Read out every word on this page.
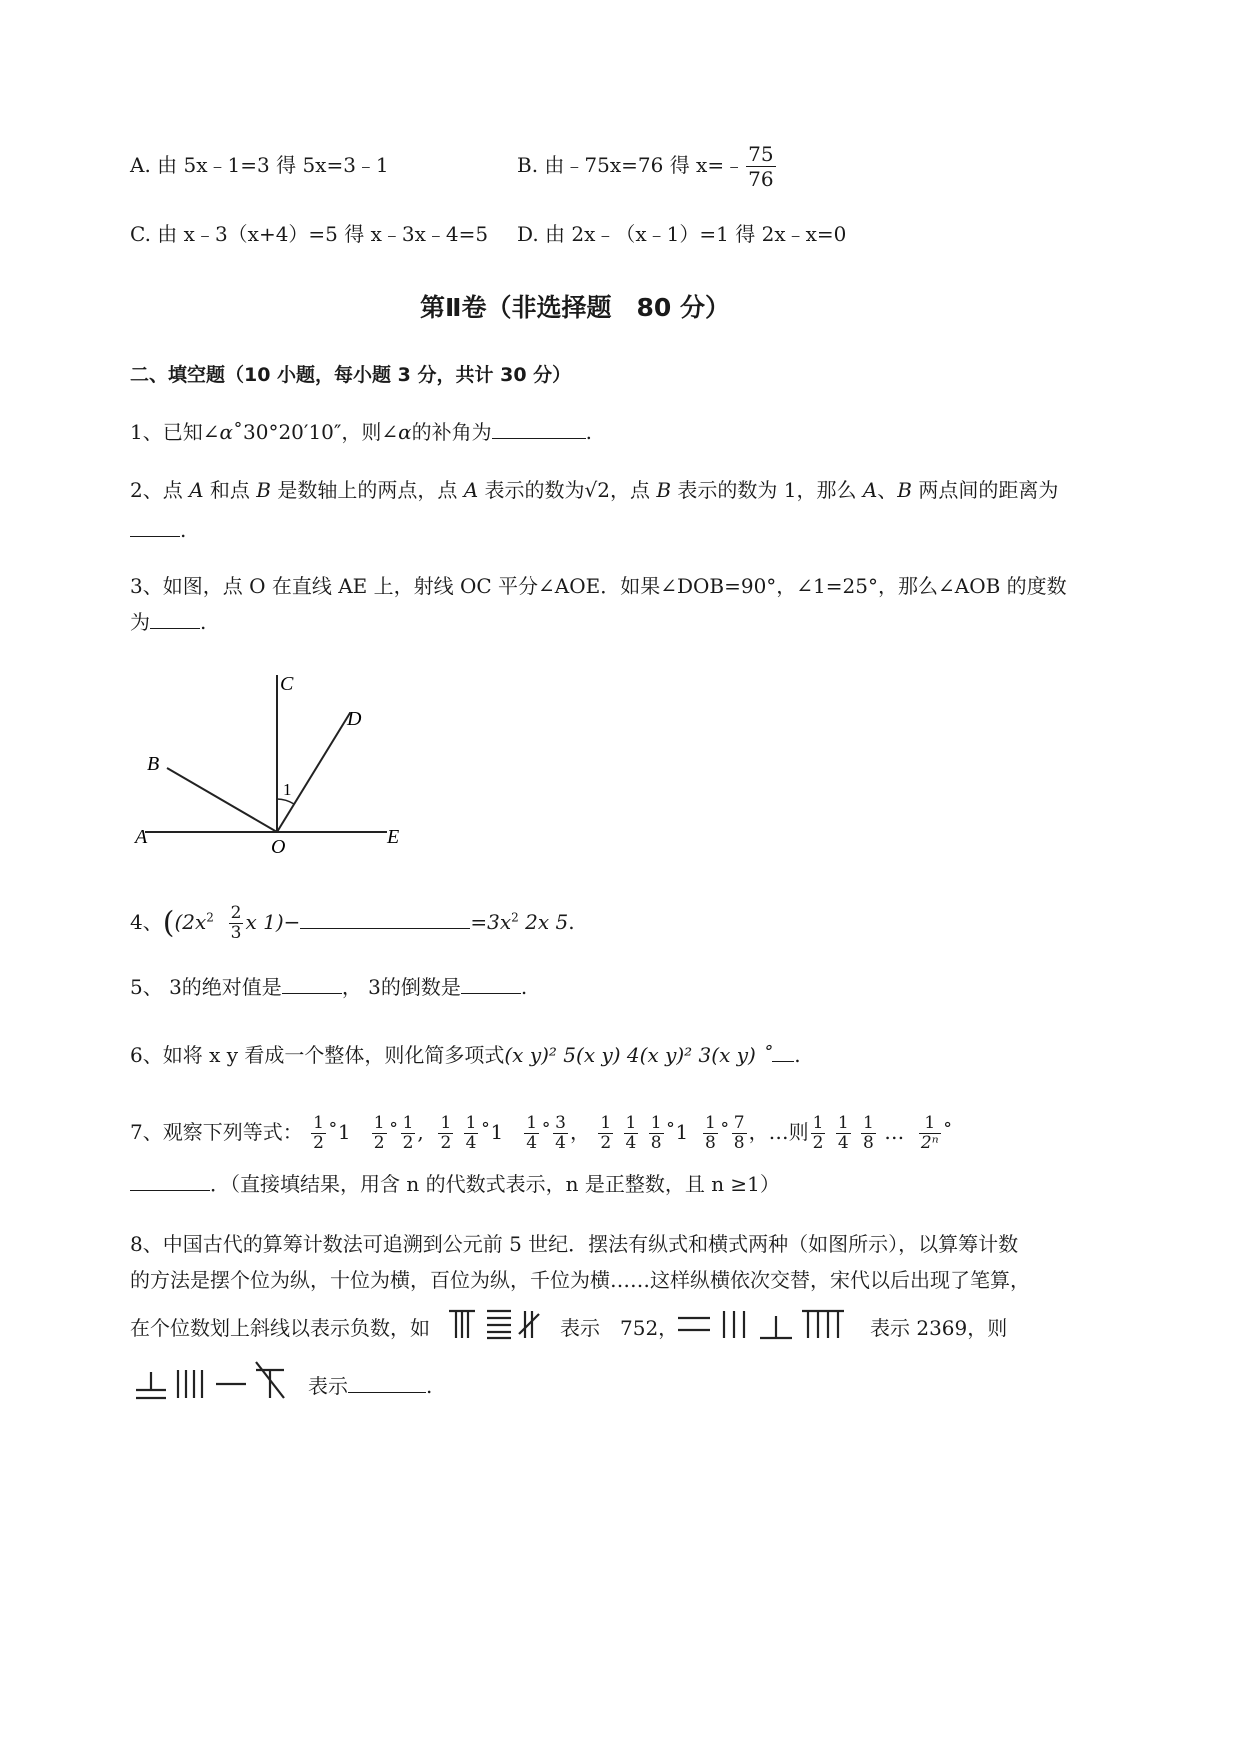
A. 由 5x﹣1=3 得 5x=3﹣1	B. 由﹣75x=76 得 x=﹣ $\frac{75}{76}$
C. 由 x﹣3（x+4）=5 得 x﹣3x﹣4=5 D. 由 2x﹣（x﹣1）=1 得 2x﹣x=0
第Ⅱ卷（非选择题　80 分）
二、填空题（10 小题，每小题 3 分，共计 30 分）
1、已知∠α˚30°20′10″，则∠α的补角为	.
2、点 A 和点 B 是数轴上的两点，点 A 表示的数为√2，点 B 表示的数为 1，那么 A、B 两点间的距离为
.
3、如图，点 O 在直线 AE 上，射线 OC 平分∠AOE．如果∠DOB=90°，∠1=25°，那么∠AOB 的度数
为	.
C
D
B
A	O	E
1
4、(($2x^2 \frac{2}{3}$ x 1)−	$=3x^2$ 2x 5.
5、 3的绝对值是	， 3的倒数是	.
6、如将 x y 看成一个整体，则化简多项式(x y)² 5(x y) 4(x y)² 3(x y) ˚ .
7、观察下列等式： $\frac{1}{2}$ ˚1 $\frac{1}{2}$ ˚ $\frac{1}{2}$ , $\frac{1}{2}$
$\frac{1}{4}$ ˚1 $\frac{1}{4}$ ˚ $\frac{3}{4}$ ， $\frac{1}{2}$
$\frac{1}{4}$
$\frac{1}{8}$ ˚1 $\frac{1}{8}$ ˚ $\frac{7}{8}$ ，…则 $\frac{1}{2}$
$\frac{1}{4}$
$\frac{1}{8}$ … $\frac{1}{\text{2ⁿ}}$ ˚
．（直接填结果，用含 n 的代数式表示，n 是正整数，且 n ≥1）
8、中国古代的算筹计数法可追溯到公元前 5 世纪．摆法有纵式和横式两种（如图所示），以算筹计数
的方法是摆个位为纵，十位为横，百位为纵，千位为横……这样纵横依次交替，宋代以后出现了笔算，
在个位数划上斜线以表示负数，如	表示　752，	表示 2369，则
表示	.
